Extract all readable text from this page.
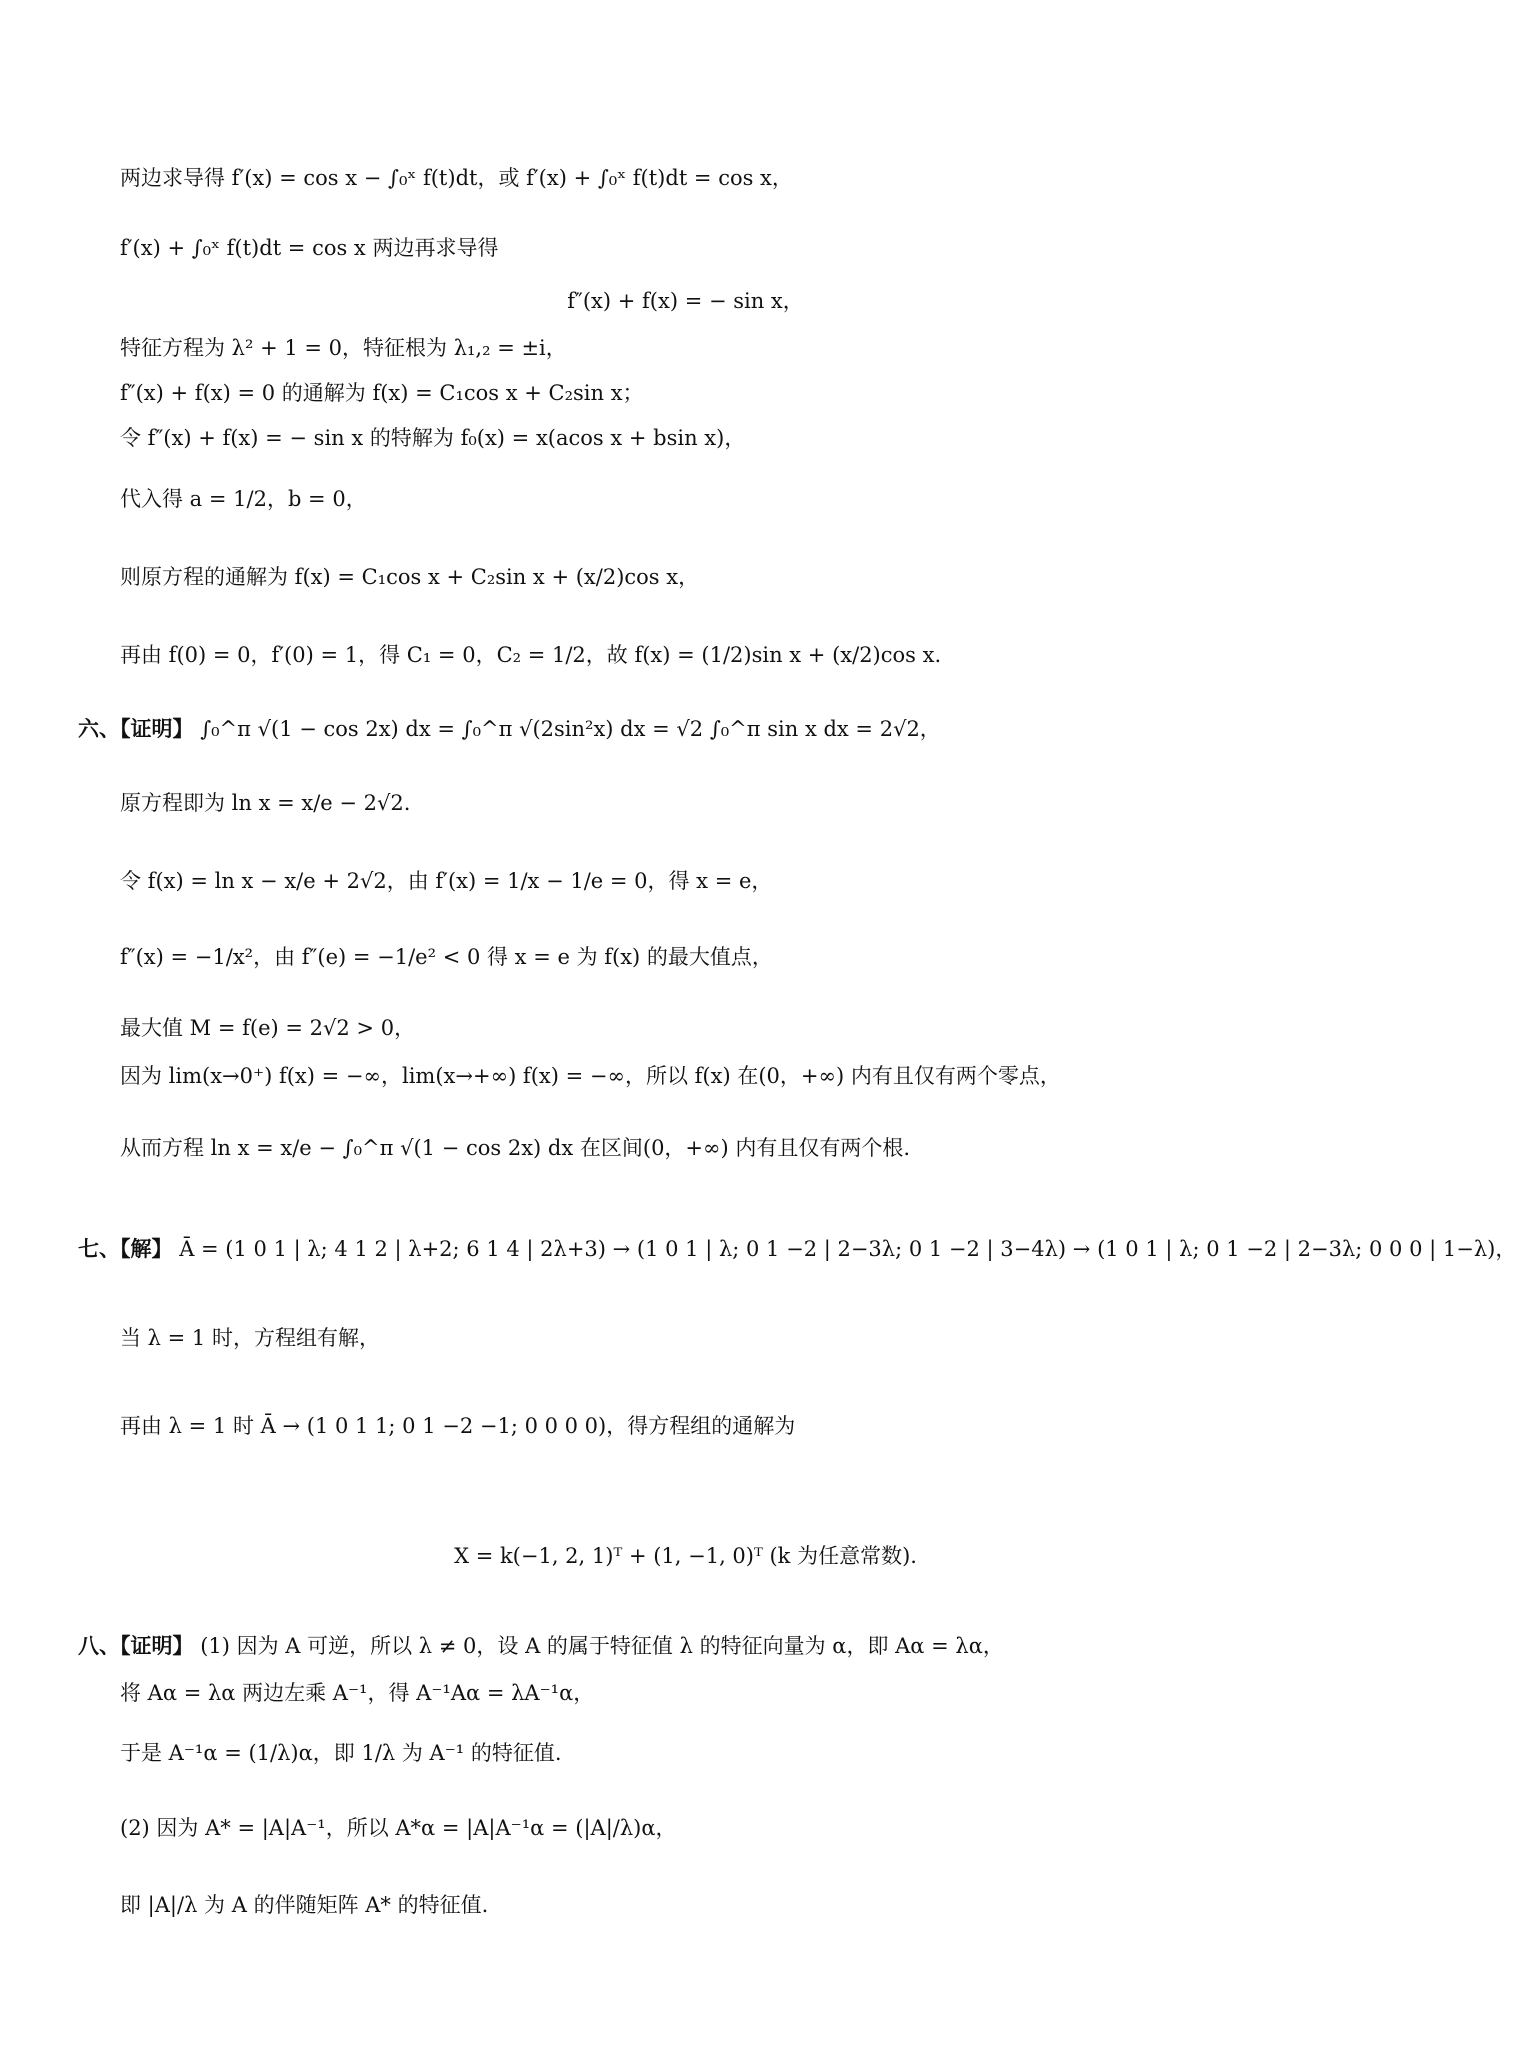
两边求导得 f′(x) = cos x − ∫₀ˣ f(t)dt，或 f′(x) + ∫₀ˣ f(t)dt = cos x，
f′(x) + ∫₀ˣ f(t)dt = cos x 两边再求导得
f″(x) + f(x) = − sin x，
特征方程为 λ² + 1 = 0，特征根为 λ₁,₂ = ±i，
f″(x) + f(x) = 0 的通解为 f(x) = C₁cos x + C₂sin x；
令 f″(x) + f(x) = − sin x 的特解为 f₀(x) = x(acos x + bsin x)，
代入得 a = 1/2，b = 0，
则原方程的通解为 f(x) = C₁cos x + C₂sin x + (x/2)cos x，
再由 f(0) = 0，f′(0) = 1，得 C₁ = 0，C₂ = 1/2，故 f(x) = (1/2)sin x + (x/2)cos x.
六、【证明】 ∫₀^π √(1 − cos 2x) dx = ∫₀^π √(2sin²x) dx = √2 ∫₀^π sin x dx = 2√2，
原方程即为 ln x = x/e − 2√2.
令 f(x) = ln x − x/e + 2√2，由 f′(x) = 1/x − 1/e = 0，得 x = e，
f″(x) = −1/x²，由 f″(e) = −1/e² < 0 得 x = e 为 f(x) 的最大值点，
最大值 M = f(e) = 2√2 > 0，
因为 lim(x→0⁺) f(x) = −∞，lim(x→+∞) f(x) = −∞，所以 f(x) 在(0，+∞) 内有且仅有两个零点，
从而方程 ln x = x/e − ∫₀^π √(1 − cos 2x) dx 在区间(0，+∞) 内有且仅有两个根.
七、【解】 Ā = (1 0 1 | λ; 4 1 2 | λ+2; 6 1 4 | 2λ+3) → (1 0 1 | λ; 0 1 −2 | 2−3λ; 0 1 −2 | 3−4λ) → (1 0 1 | λ; 0 1 −2 | 2−3λ; 0 0 0 | 1−λ)，
当 λ = 1 时，方程组有解，
再由 λ = 1 时 Ā → (1 0 1 1; 0 1 −2 −1; 0 0 0 0)，得方程组的通解为
X = k(−1, 2, 1)ᵀ + (1, −1, 0)ᵀ (k 为任意常数).
八、【证明】 (1) 因为 A 可逆，所以 λ ≠ 0，设 A 的属于特征值 λ 的特征向量为 α，即 Aα = λα，
将 Aα = λα 两边左乘 A⁻¹，得 A⁻¹Aα = λA⁻¹α，
于是 A⁻¹α = (1/λ)α，即 1/λ 为 A⁻¹ 的特征值.
(2) 因为 A* = |A|A⁻¹，所以 A*α = |A|A⁻¹α = (|A|/λ)α，
即 |A|/λ 为 A 的伴随矩阵 A* 的特征值.
